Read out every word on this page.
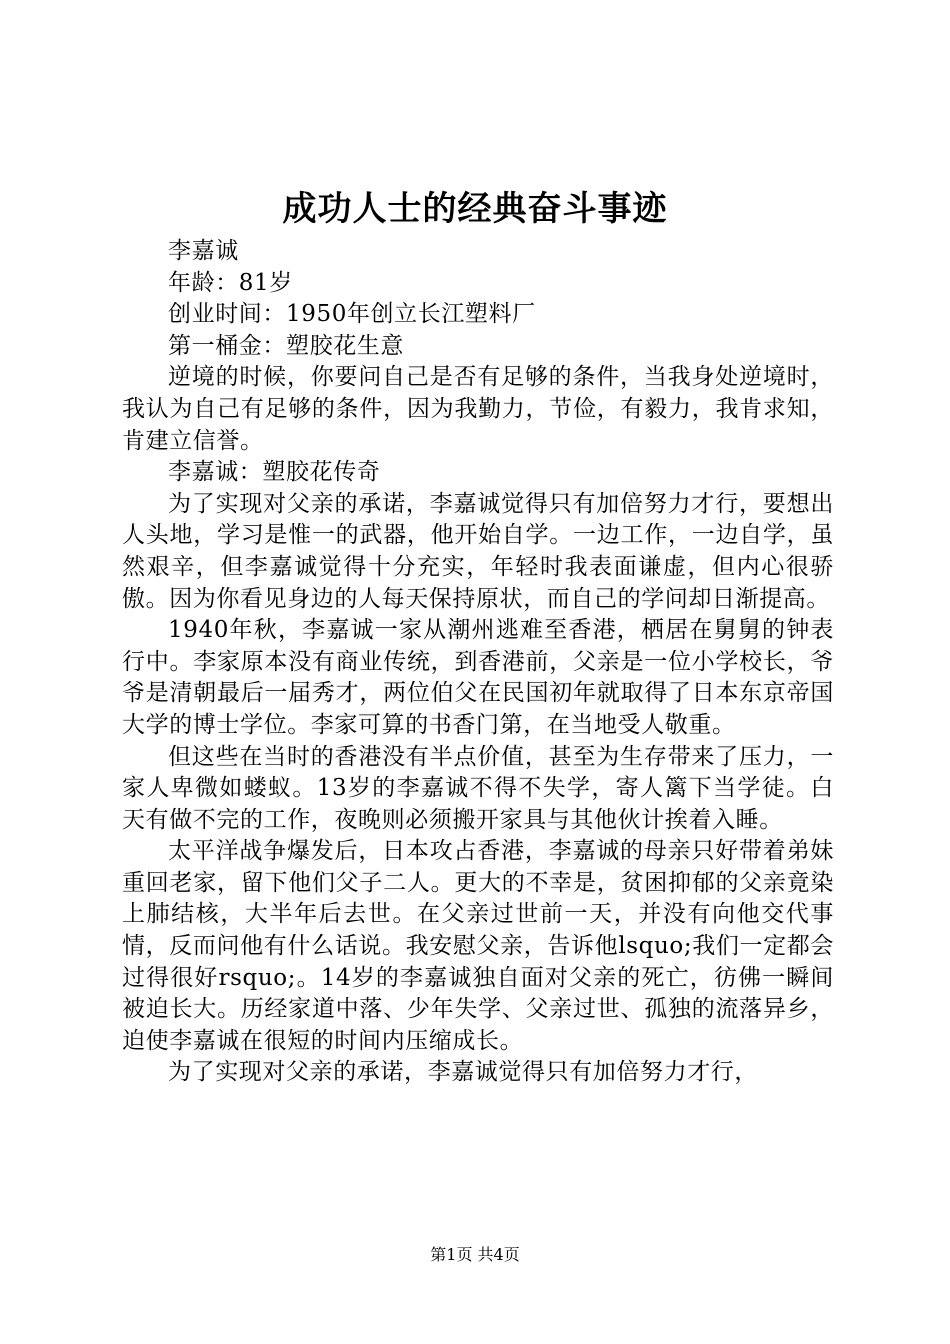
成功人士的经典奋斗事迹

李嘉诚

年龄：81岁

创业时间：1950年创立长江塑料厂

第一桶金：塑胶花生意

逆境的时候，你要问自己是否有足够的条件，当我身处逆境时，我认为自己有足够的条件，因为我勤力，节俭，有毅力，我肯求知，肯建立信誉。

李嘉诚：塑胶花传奇

为了实现对父亲的承诺，李嘉诚觉得只有加倍努力才行，要想出人头地，学习是惟一的武器，他开始自学。一边工作，一边自学，虽然艰辛，但李嘉诚觉得十分充实，年轻时我表面谦虚，但内心很骄傲。因为你看见身边的人每天保持原状，而自己的学问却日渐提高。

1940年秋，李嘉诚一家从潮州逃难至香港，栖居在舅舅的钟表行中。李家原本没有商业传统，到香港前，父亲是一位小学校长，爷爷是清朝最后一届秀才，两位伯父在民国初年就取得了日本东京帝国大学的博士学位。李家可算的书香门第，在当地受人敬重。

但这些在当时的香港没有半点价值，甚至为生存带来了压力，一家人卑微如蝼蚁。13岁的李嘉诚不得不失学，寄人篱下当学徒。白天有做不完的工作，夜晚则必须搬开家具与其他伙计挨着入睡。

太平洋战争爆发后，日本攻占香港，李嘉诚的母亲只好带着弟妹重回老家，留下他们父子二人。更大的不幸是，贫困抑郁的父亲竟染上肺结核，大半年后去世。在父亲过世前一天，并没有向他交代事情，反而问他有什么话说。我安慰父亲，告诉他lsquo;我们一定都会过得很好rsquo;。14岁的李嘉诚独自面对父亲的死亡，彷佛一瞬间被迫长大。历经家道中落、少年失学、父亲过世、孤独的流落异乡，迫使李嘉诚在很短的时间内压缩成长。

为了实现对父亲的承诺，李嘉诚觉得只有加倍努力才行，

第1页 共4页
